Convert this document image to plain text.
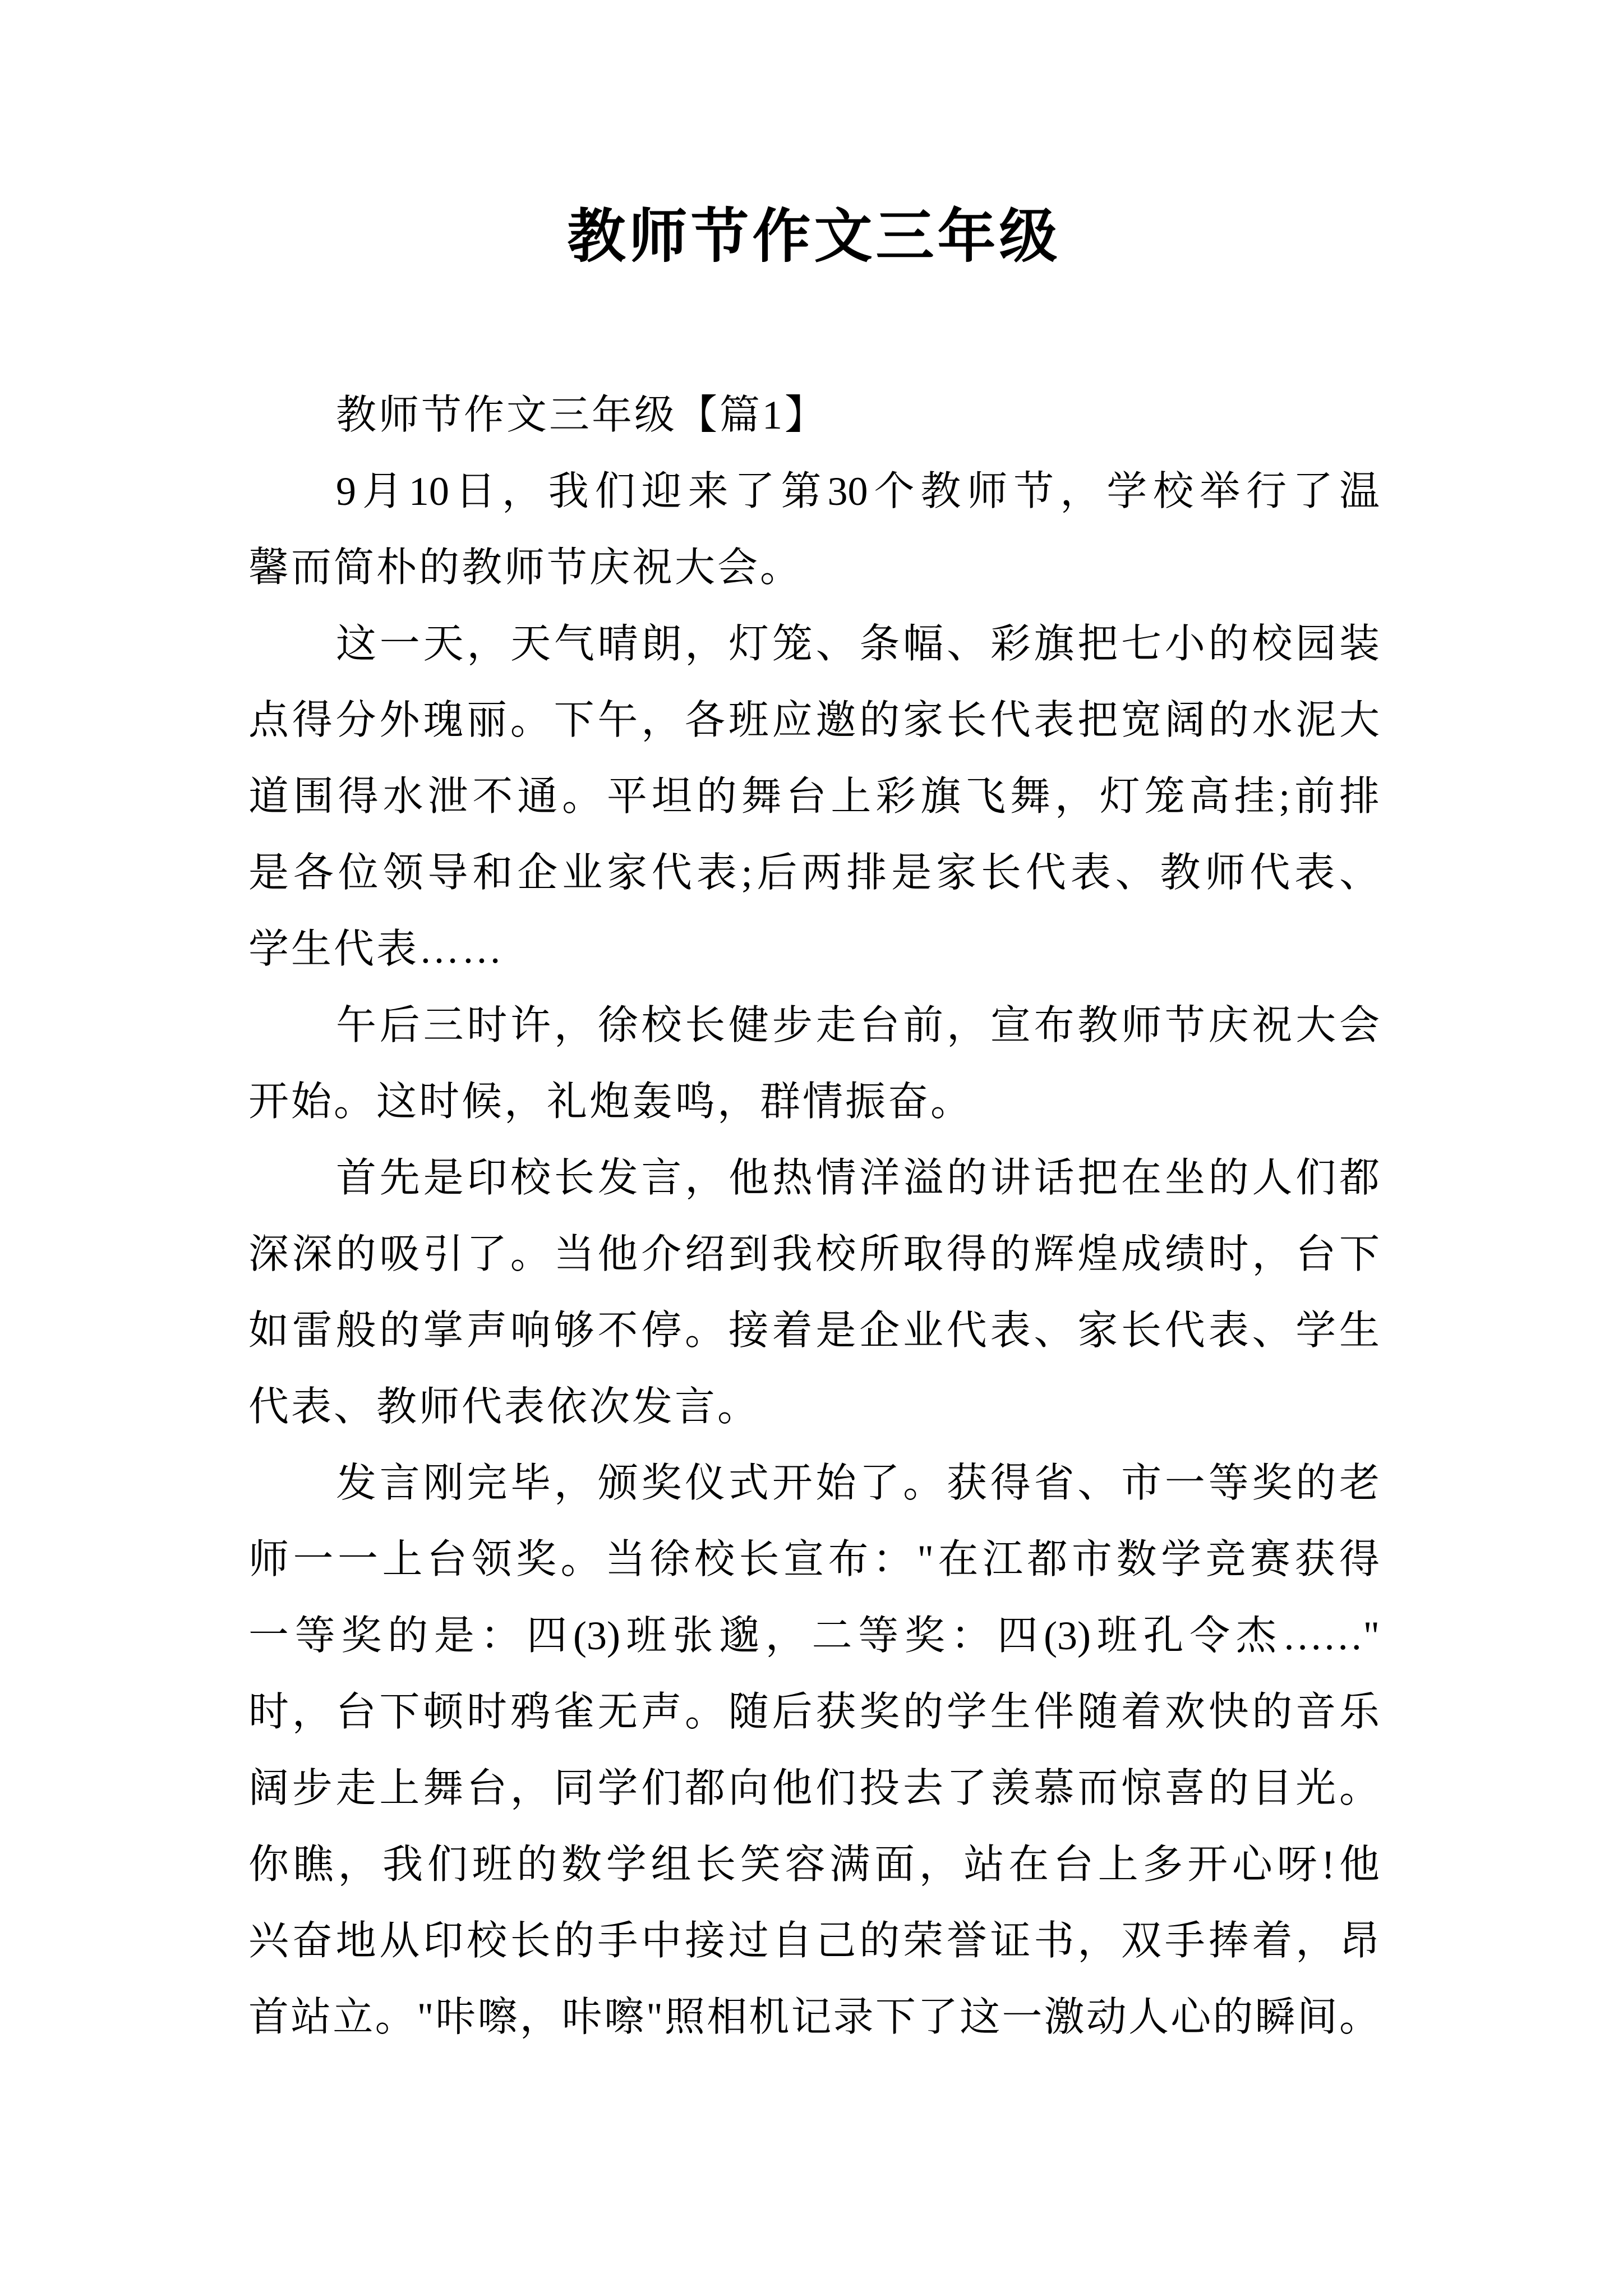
教师节作文三年级
教师节作文三年级【篇1】
9月10日，我们迎来了第30个教师节，学校举行了温
馨而简朴的教师节庆祝大会。
这一天，天气晴朗，灯笼、条幅、彩旗把七小的校园装
点得分外瑰丽。下午，各班应邀的家长代表把宽阔的水泥大
道围得水泄不通。平坦的舞台上彩旗飞舞，灯笼高挂;前排
是各位领导和企业家代表;后两排是家长代表、教师代表、
学生代表……
午后三时许，徐校长健步走台前，宣布教师节庆祝大会
开始。这时候，礼炮轰鸣，群情振奋。
首先是印校长发言，他热情洋溢的讲话把在坐的人们都
深深的吸引了。当他介绍到我校所取得的辉煌成绩时，台下
如雷般的掌声响够不停。接着是企业代表、家长代表、学生
代表、教师代表依次发言。
发言刚完毕，颁奖仪式开始了。获得省、市一等奖的老
师一一上台领奖。当徐校长宣布："在江都市数学竞赛获得
一等奖的是：四(3)班张邈，二等奖：四(3)班孔令杰……"
时，台下顿时鸦雀无声。随后获奖的学生伴随着欢快的音乐
阔步走上舞台，同学们都向他们投去了羡慕而惊喜的目光。
你瞧，我们班的数学组长笑容满面，站在台上多开心呀!他
兴奋地从印校长的手中接过自己的荣誉证书，双手捧着，昂
首站立。"咔嚓，咔嚓"照相机记录下了这一激动人心的瞬间。
